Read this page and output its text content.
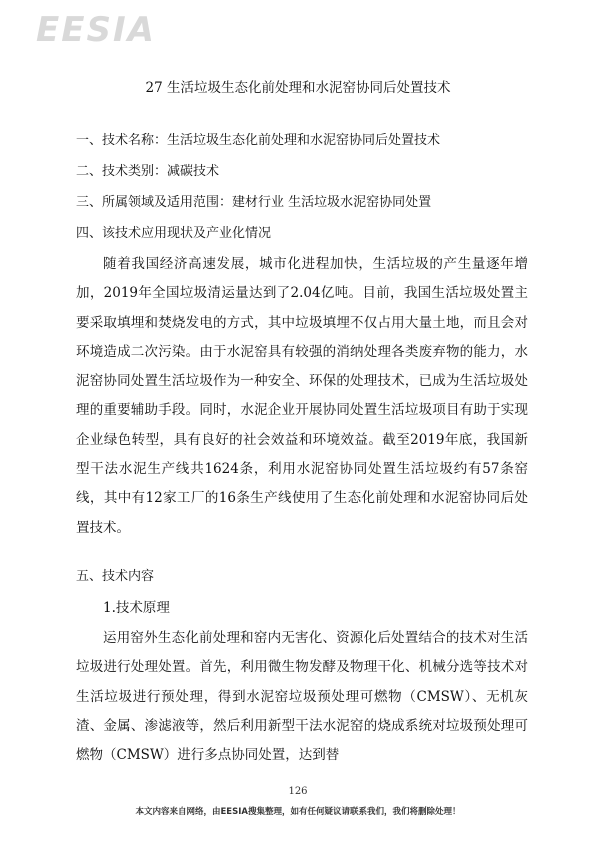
EESIA
27 生活垃圾生态化前处理和水泥窑协同后处置技术
一、技术名称：生活垃圾生态化前处理和水泥窑协同后处置技术
二、技术类别：减碳技术
三、所属领域及适用范围：建材行业 生活垃圾水泥窑协同处置
四、该技术应用现状及产业化情况

随着我国经济高速发展，城市化进程加快，生活垃圾的产生量逐年增加，2019年全国垃圾清运量达到了2.04亿吨。目前，我国生活垃圾处置主要采取填埋和焚烧发电的方式，其中垃圾填埋不仅占用大量土地，而且会对环境造成二次污染。由于水泥窑具有较强的消纳处理各类废弃物的能力，水泥窑协同处置生活垃圾作为一种安全、环保的处理技术，已成为生活垃圾处理的重要辅助手段。同时，水泥企业开展协同处置生活垃圾项目有助于实现企业绿色转型，具有良好的社会效益和环境效益。截至2019年底，我国新型干法水泥生产线共1624条，利用水泥窑协同处置生活垃圾约有57条窑线，其中有12家工厂的16条生产线使用了生态化前处理和水泥窑协同后处置技术。

五、技术内容
1.技术原理

运用窑外生态化前处理和窑内无害化、资源化后处置结合的技术对生活垃圾进行处理处置。首先，利用微生物发酵及物理干化、机械分选等技术对生活垃圾进行预处理，得到水泥窑垃圾预处理可燃物（CMSW）、无机灰渣、金属、渗滤液等，然后利用新型干法水泥窑的烧成系统对垃圾预处理可燃物（CMSW）进行多点协同处置，达到替

126
本文内容来自网络，由EESIA搜集整理，如有任何疑议请联系我们，我们将删除处理！
